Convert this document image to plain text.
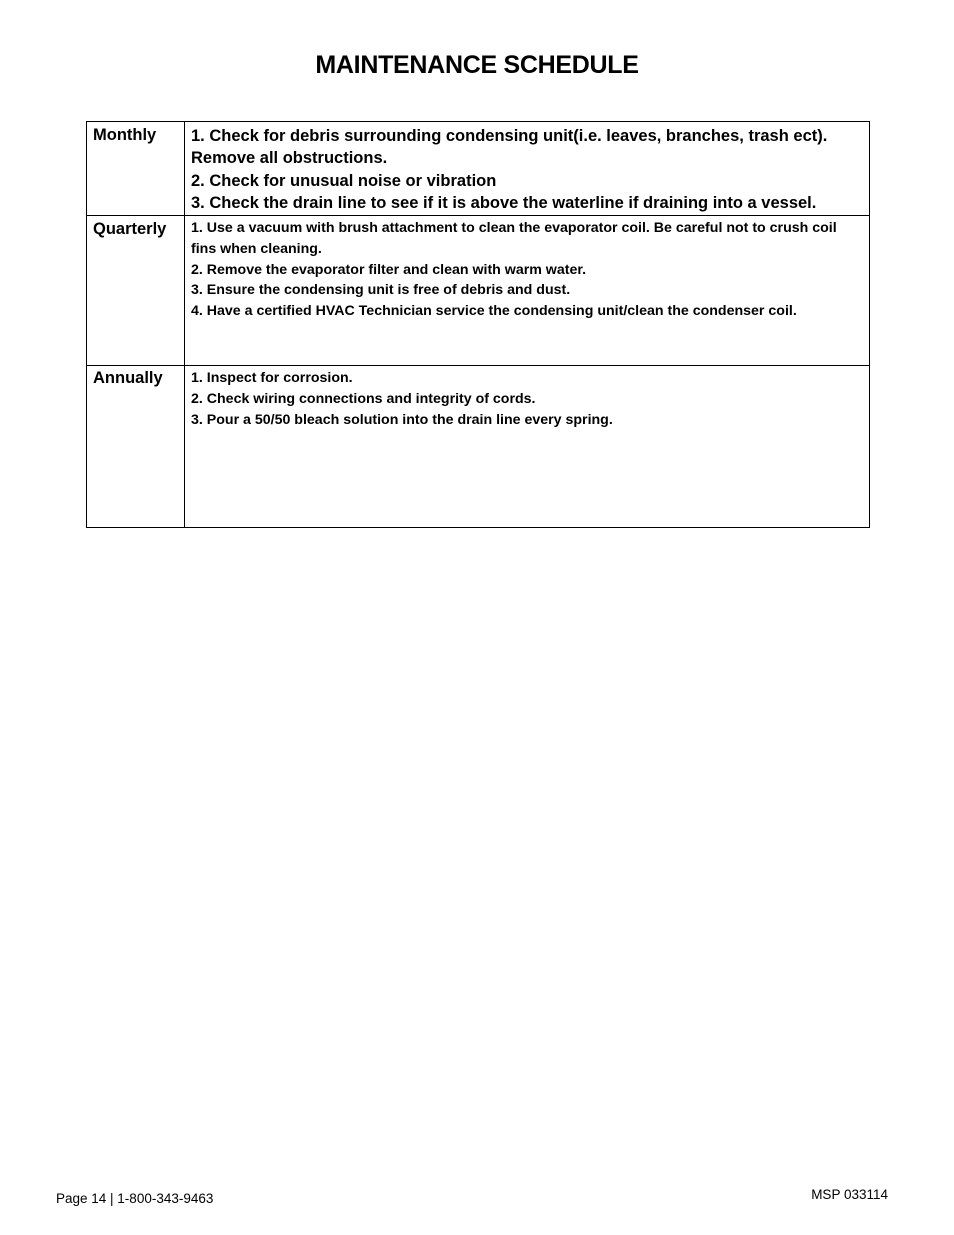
MAINTENANCE SCHEDULE
Monthly	1. Check for debris surrounding condensing unit(i.e. leaves, branches, trash ect). Remove all obstructions.
2. Check for unusual noise or vibration
3. Check the drain line to see if it is above the waterline if draining into a vessel.

Quarterly	1. Use a vacuum with brush attachment to clean the evaporator coil. Be careful not to crush coil fins when cleaning.
2. Remove the evaporator filter and clean with warm water.
3. Ensure the condensing unit is free of debris and dust.
4. Have a certified HVAC Technician service the condensing unit/clean the condenser coil.

Annually	1. Inspect for corrosion.
2. Check wiring connections and integrity of cords.
3. Pour a 50/50 bleach solution into the drain line every spring.
Page 14 | 1-800-343-9463	MSP 033114
